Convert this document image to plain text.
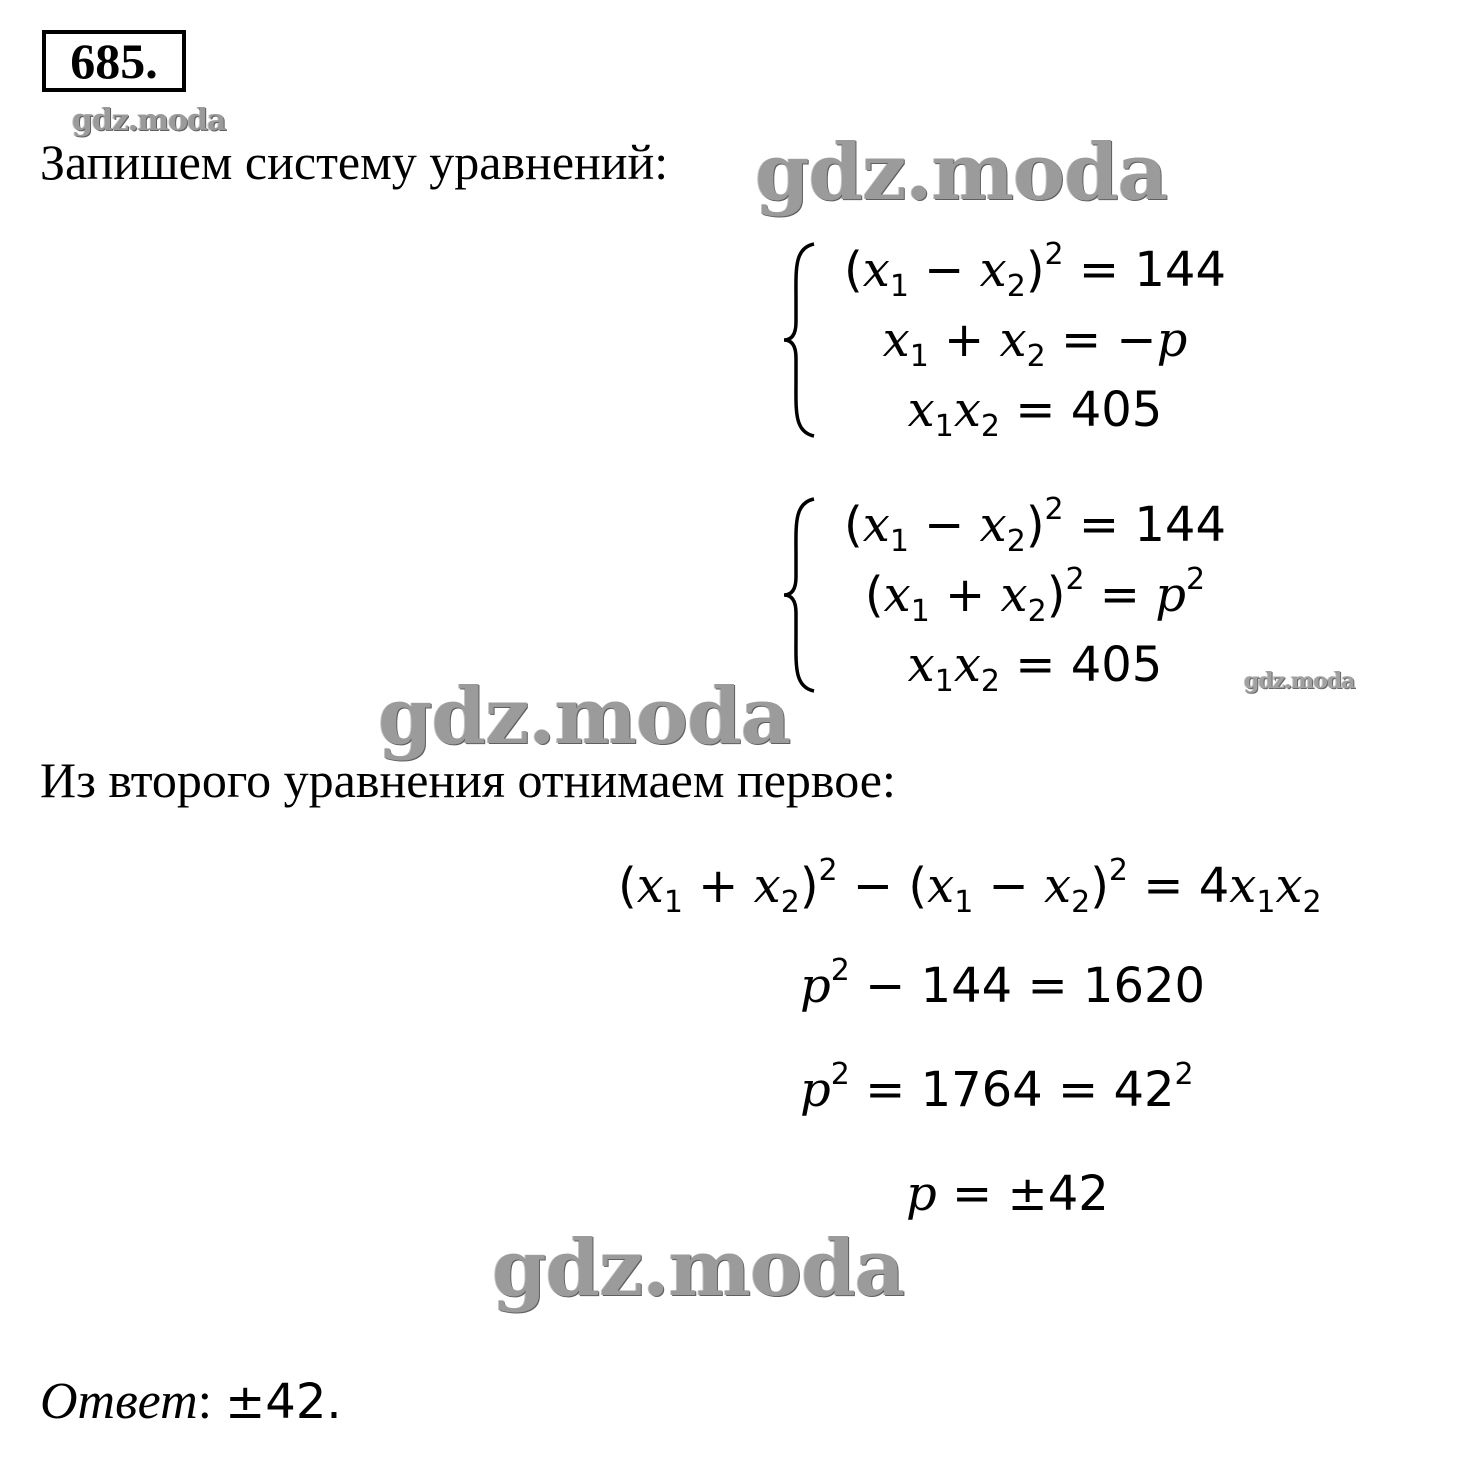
685.
gdz.moda
gdz.moda
gdz.moda	gdz.moda
gdz.moda
Запишем систему уравнений:
$(x_1 - x_2)^2 = 144$
$x_1 + x_2 = -p$
$x_1x_2 = 405$
$(x_1 - x_2)^2 = 144$
$(x_1 + x_2)^2 = p^2$
$x_1x_2 = 405$
Из второго уравнения отнимаем первое:
$(x_1 + x_2)^2 - (x_1 - x_2)^2 = 4x_1x_2$
$p^2 - 144 = 1620$
$p^2 = 1764 = 42^2$
p = ±42
Ответ: ±42.
